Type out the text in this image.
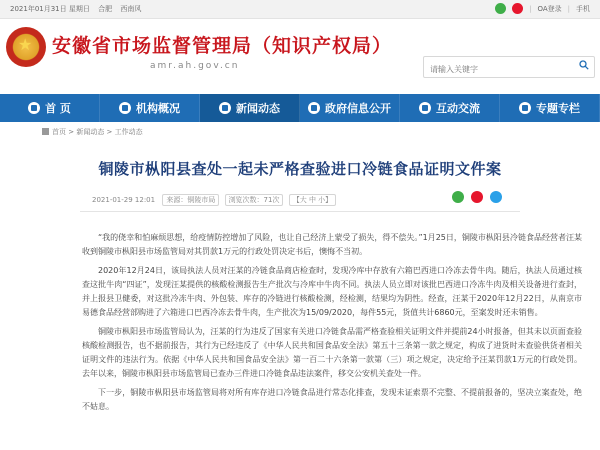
2021年01月31日 星期日 合肥 西南风	| OA登录 | 手机
★
安徽省市场监督管理局（知识产权局）
amr.ah.gov.cn
请输入关键字
首 页	机构概况	新闻动态	政府信息公开	互动交流	专题专栏
首页 > 新闻动态 > 工作动态
铜陵市枞阳县查处一起未严格查验进口冷链食品证明文件案
2021-01-29 12:01 来源：铜陵市局 浏览次数：71次 【大 中 小】

“我的侥幸和怕麻烦思想，给疫情防控增加了风险，也让自己经济上蒙受了损失，得不偿失。”1月25日，铜陵市枞阳县冷链食品经营者汪某收到铜陵市枞阳县市场监管局对其罚款1万元的行政处罚决定书后，懊悔不当初。

2020年12月24日，该局执法人员对汪某的冷链食品商店检查时，发现冷库中存放有六箱巴西进口冷冻去骨牛肉。随后，执法人员通过核查这批牛肉“四证”，发现汪某提供的核酸检测报告生产批次与冷库中牛肉不同。执法人员立即对该批巴西进口冷冻牛肉及相关设备进行查封，并上报县卫健委，对这批冷冻牛肉、外包装、库存的冷链进行核酸检测，经检测，结果均为阴性。经查，汪某于2020年12月22日，从南京市易德食品经营部购进了六箱进口巴西冷冻去骨牛肉，生产批次为15/09/2020，每件55元，货值共计6860元，至案发时还未销售。

铜陵市枞阳县市场监管局认为，汪某的行为违反了国家有关进口冷链食品需严格查验相关证明文件并提前24小时报备，但其未以页面查验核酸检测报告，也不据前报告，其行为已经违反了《中华人民共和国食品安全法》第五十三条第一款之规定，构成了进货时未查验供货者相关证明文件的违法行为。依据《中华人民共和国食品安全法》第一百二十六条第一款第（三）项之规定，决定给予汪某罚款1万元的行政处罚。去年以来，铜陵市枞阳县市场监管局已查办三件进口冷链食品违法案件，移交公安机关查处一件。

下一步，铜陵市枞阳县市场监管局将对所有库存进口冷链食品进行常态化排查，发现未证索票不完整、不提前报备的，坚决立案查处，绝不姑息。
